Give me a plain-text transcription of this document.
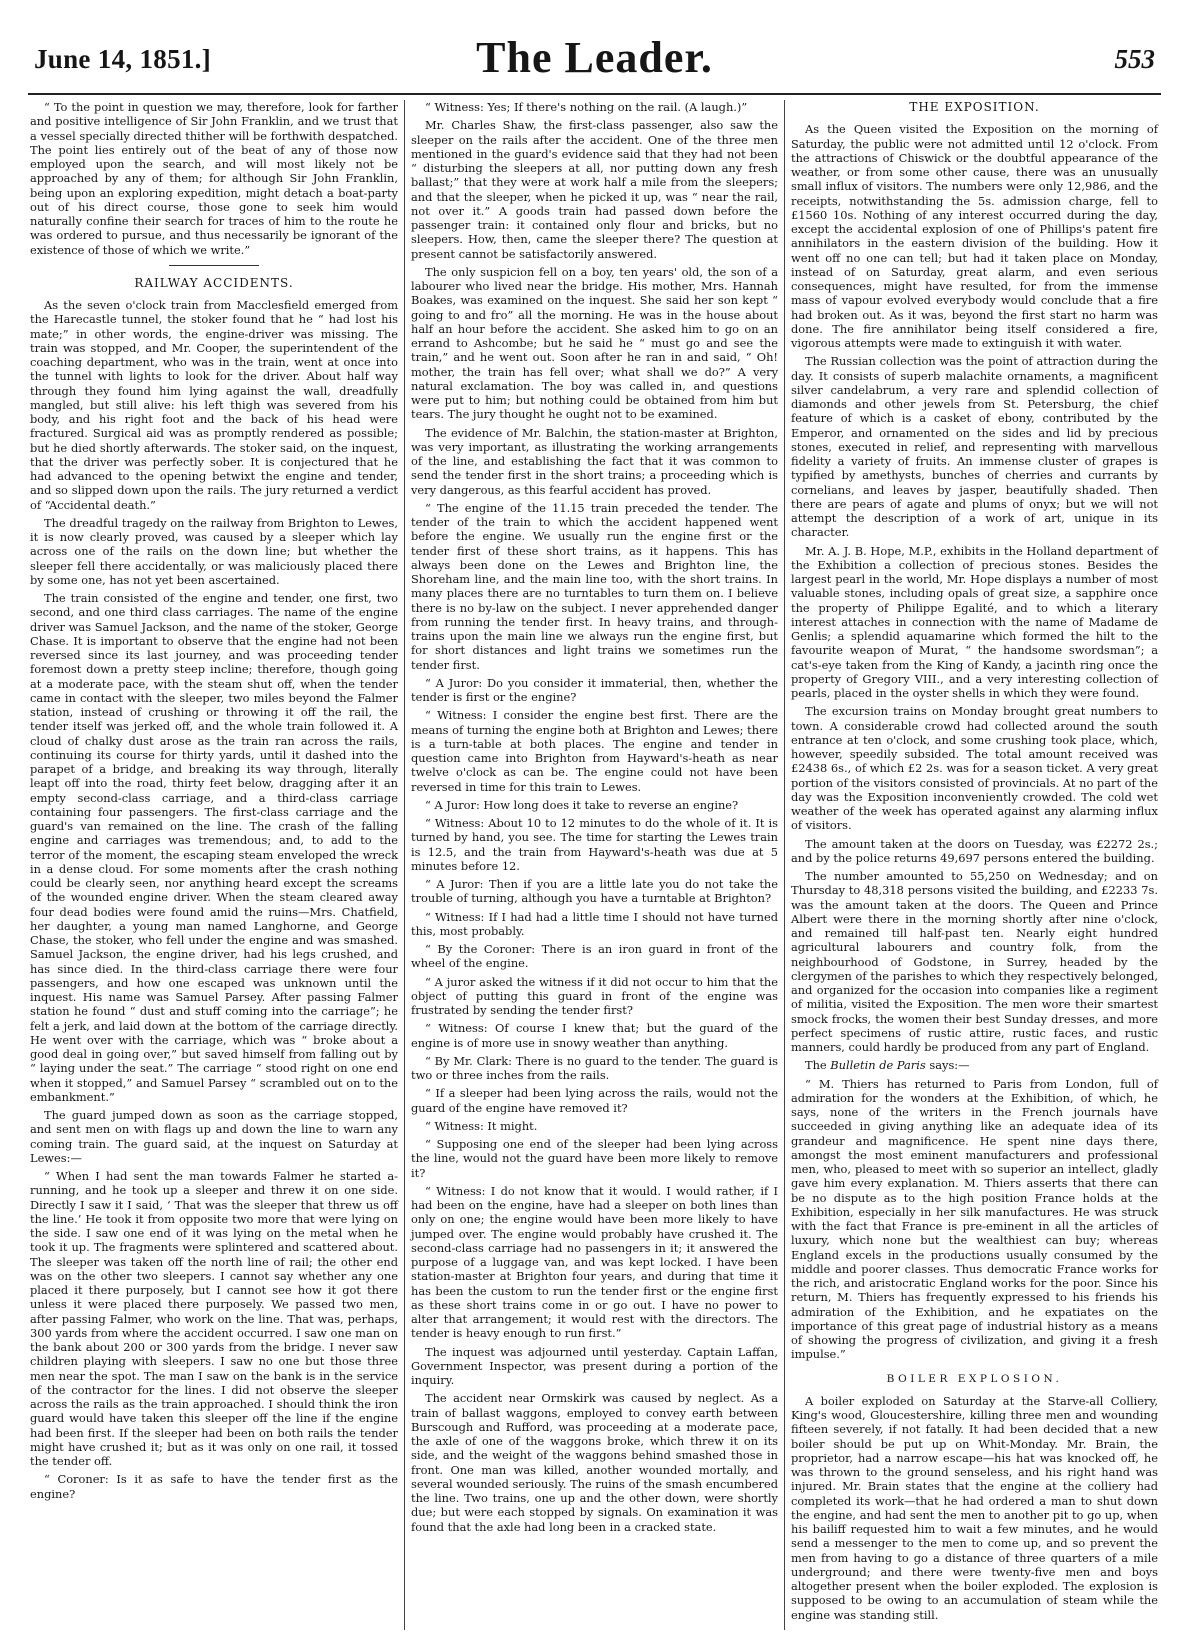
June 14, 1851.]	The Leader.	553

“ To the point in question we may, therefore, look for farther and positive intelligence of Sir John Franklin, and we trust that a vessel specially directed thither will be forthwith despatched. The point lies entirely out of the beat of any of those now employed upon the search, and will most likely not be approached by any of them; for although Sir John Franklin, being upon an exploring expedition, might detach a boat-party out of his direct course, those gone to seek him would naturally confine their search for traces of him to the route he was ordered to pursue, and thus necessarily be ignorant of the existence of those of which we write.”

RAILWAY ACCIDENTS.

As the seven o'clock train from Macclesfield emerged from the Harecastle tunnel, the stoker found that he “ had lost his mate;” in other words, the engine-driver was missing. The train was stopped, and Mr. Cooper, the superintendent of the coaching department, who was in the train, went at once into the tunnel with lights to look for the driver. About half way through they found him lying against the wall, dreadfully mangled, but still alive: his left thigh was severed from his body, and his right foot and the back of his head were fractured. Surgical aid was as promptly rendered as possible; but he died shortly afterwards. The stoker said, on the inquest, that the driver was perfectly sober. It is conjectured that he had advanced to the opening betwixt the engine and tender, and so slipped down upon the rails. The jury returned a verdict of “Accidental death.”

The dreadful tragedy on the railway from Brighton to Lewes, it is now clearly proved, was caused by a sleeper which lay across one of the rails on the down line; but whether the sleeper fell there accidentally, or was maliciously placed there by some one, has not yet been ascertained.

The train consisted of the engine and tender, one first, two second, and one third class carriages. The name of the engine driver was Samuel Jackson, and the name of the stoker, George Chase. It is important to observe that the engine had not been reversed since its last journey, and was proceeding tender foremost down a pretty steep incline; therefore, though going at a moderate pace, with the steam shut off, when the tender came in contact with the sleeper, two miles beyond the Falmer station, instead of crushing or throwing it off the rail, the tender itself was jerked off, and the whole train followed it. A cloud of chalky dust arose as the train ran across the rails, continuing its course for thirty yards, until it dashed into the parapet of a bridge, and breaking its way through, literally leapt off into the road, thirty feet below, dragging after it an empty second-class carriage, and a third-class carriage containing four passengers. The first-class carriage and the guard's van remained on the line. The crash of the falling engine and carriages was tremendous; and, to add to the terror of the moment, the escaping steam enveloped the wreck in a dense cloud. For some moments after the crash nothing could be clearly seen, nor anything heard except the screams of the wounded engine driver. When the steam cleared away four dead bodies were found amid the ruins—Mrs. Chatfield, her daughter, a young man named Langhorne, and George Chase, the stoker, who fell under the engine and was smashed. Samuel Jackson, the engine driver, had his legs crushed, and has since died. In the third-class carriage there were four passengers, and how one escaped was unknown until the inquest. His name was Samuel Parsey. After passing Falmer station he found “ dust and stuff coming into the carriage”; he felt a jerk, and laid down at the bottom of the carriage directly. He went over with the carriage, which was “ broke about a good deal in going over,” but saved himself from falling out by “ laying under the seat.” The carriage “ stood right on one end when it stopped,” and Samuel Parsey “ scrambled out on to the embankment.”

The guard jumped down as soon as the carriage stopped, and sent men on with flags up and down the line to warn any coming train. The guard said, at the inquest on Saturday at Lewes:—

“ When I had sent the man towards Falmer he started a-running, and he took up a sleeper and threw it on one side. Directly I saw it I said, ‘ That was the sleeper that threw us off the line.’ He took it from opposite two more that were lying on the side. I saw one end of it was lying on the metal when he took it up. The fragments were splintered and scattered about. The sleeper was taken off the north line of rail; the other end was on the other two sleepers. I cannot say whether any one placed it there purposely, but I cannot see how it got there unless it were placed there purposely. We passed two men, after passing Falmer, who work on the line. That was, perhaps, 300 yards from where the accident occurred. I saw one man on the bank about 200 or 300 yards from the bridge. I never saw children playing with sleepers. I saw no one but those three men near the spot. The man I saw on the bank is in the service of the contractor for the lines. I did not observe the sleeper across the rails as the train approached. I should think the iron guard would have taken this sleeper off the line if the engine had been first. If the sleeper had been on both rails the tender might have crushed it; but as it was only on one rail, it tossed the tender off.

“ Coroner: Is it as safe to have the tender first as the engine?

“ Witness: Yes; If there's nothing on the rail. (A laugh.)”

Mr. Charles Shaw, the first-class passenger, also saw the sleeper on the rails after the accident. One of the three men mentioned in the guard's evidence said that they had not been “ disturbing the sleepers at all, nor putting down any fresh ballast;” that they were at work half a mile from the sleepers; and that the sleeper, when he picked it up, was “ near the rail, not over it.” A goods train had passed down before the passenger train: it contained only flour and bricks, but no sleepers. How, then, came the sleeper there? The question at present cannot be satisfactorily answered.

The only suspicion fell on a boy, ten years' old, the son of a labourer who lived near the bridge. His mother, Mrs. Hannah Boakes, was examined on the inquest. She said her son kept “ going to and fro” all the morning. He was in the house about half an hour before the accident. She asked him to go on an errand to Ashcombe; but he said he “ must go and see the train,” and he went out. Soon after he ran in and said, “ Oh! mother, the train has fell over; what shall we do?” A very natural exclamation. The boy was called in, and questions were put to him; but nothing could be obtained from him but tears. The jury thought he ought not to be examined.

The evidence of Mr. Balchin, the station-master at Brighton, was very important, as illustrating the working arrangements of the line, and establishing the fact that it was common to send the tender first in the short trains; a proceeding which is very dangerous, as this fearful accident has proved.

“ The engine of the 11.15 train preceded the tender. The tender of the train to which the accident happened went before the engine. We usually run the engine first or the tender first of these short trains, as it happens. This has always been done on the Lewes and Brighton line, the Shoreham line, and the main line too, with the short trains. In many places there are no turntables to turn them on. I believe there is no by-law on the subject. I never apprehended danger from running the tender first. In heavy trains, and through-trains upon the main line we always run the engine first, but for short distances and light trains we sometimes run the tender first.

“ A Juror: Do you consider it immaterial, then, whether the tender is first or the engine?

“ Witness: I consider the engine best first. There are the means of turning the engine both at Brighton and Lewes; there is a turn-table at both places. The engine and tender in question came into Brighton from Hayward's-heath as near twelve o'clock as can be. The engine could not have been reversed in time for this train to Lewes.

“ A Juror: How long does it take to reverse an engine?

“ Witness: About 10 to 12 minutes to do the whole of it. It is turned by hand, you see. The time for starting the Lewes train is 12.5, and the train from Hayward's-heath was due at 5 minutes before 12.

“ A Juror: Then if you are a little late you do not take the trouble of turning, although you have a turntable at Brighton?

“ Witness: If I had had a little time I should not have turned this, most probably.

“ By the Coroner: There is an iron guard in front of the wheel of the engine.

“ A juror asked the witness if it did not occur to him that the object of putting this guard in front of the engine was frustrated by sending the tender first?

“ Witness: Of course I knew that; but the guard of the engine is of more use in snowy weather than anything.

“ By Mr. Clark: There is no guard to the tender. The guard is two or three inches from the rails.

“ If a sleeper had been lying across the rails, would not the guard of the engine have removed it?

“ Witness: It might.

“ Supposing one end of the sleeper had been lying across the line, would not the guard have been more likely to remove it?

“ Witness: I do not know that it would. I would rather, if I had been on the engine, have had a sleeper on both lines than only on one; the engine would have been more likely to have jumped over. The engine would probably have crushed it. The second-class carriage had no passengers in it; it answered the purpose of a luggage van, and was kept locked. I have been station-master at Brighton four years, and during that time it has been the custom to run the tender first or the engine first as these short trains come in or go out. I have no power to alter that arrangement; it would rest with the directors. The tender is heavy enough to run first.”

The inquest was adjourned until yesterday. Captain Laffan, Government Inspector, was present during a portion of the inquiry.

The accident near Ormskirk was caused by neglect. As a train of ballast waggons, employed to convey earth between Burscough and Rufford, was proceeding at a moderate pace, the axle of one of the waggons broke, which threw it on its side, and the weight of the waggons behind smashed those in front. One man was killed, another wounded mortally, and several wounded seriously. The ruins of the smash encumbered the line. Two trains, one up and the other down, were shortly due; but were each stopped by signals. On examination it was found that the axle had long been in a cracked state.

THE EXPOSITION.

As the Queen visited the Exposition on the morning of Saturday, the public were not admitted until 12 o'clock. From the attractions of Chiswick or the doubtful appearance of the weather, or from some other cause, there was an unusually small influx of visitors. The numbers were only 12,986, and the receipts, notwithstanding the 5s. admission charge, fell to £1560 10s. Nothing of any interest occurred during the day, except the accidental explosion of one of Phillips's patent fire annihilators in the eastern division of the building. How it went off no one can tell; but had it taken place on Monday, instead of on Saturday, great alarm, and even serious consequences, might have resulted, for from the immense mass of vapour evolved everybody would conclude that a fire had broken out. As it was, beyond the first start no harm was done. The fire annihilator being itself considered a fire, vigorous attempts were made to extinguish it with water.

The Russian collection was the point of attraction during the day. It consists of superb malachite ornaments, a magnificent silver candelabrum, a very rare and splendid collection of diamonds and other jewels from St. Petersburg, the chief feature of which is a casket of ebony, contributed by the Emperor, and ornamented on the sides and lid by precious stones, executed in relief, and representing with marvellous fidelity a variety of fruits. An immense cluster of grapes is typified by amethysts, bunches of cherries and currants by cornelians, and leaves by jasper, beautifully shaded. Then there are pears of agate and plums of onyx; but we will not attempt the description of a work of art, unique in its character.

Mr. A. J. B. Hope, M.P., exhibits in the Holland department of the Exhibition a collection of precious stones. Besides the largest pearl in the world, Mr. Hope displays a number of most valuable stones, including opals of great size, a sapphire once the property of Philippe Egalité, and to which a literary interest attaches in connection with the name of Madame de Genlis; a splendid aquamarine which formed the hilt to the favourite weapon of Murat, “ the handsome swordsman”; a cat's-eye taken from the King of Kandy, a jacinth ring once the property of Gregory VIII., and a very interesting collection of pearls, placed in the oyster shells in which they were found.

The excursion trains on Monday brought great numbers to town. A considerable crowd had collected around the south entrance at ten o'clock, and some crushing took place, which, however, speedily subsided. The total amount received was £2438 6s., of which £2 2s. was for a season ticket. A very great portion of the visitors consisted of provincials. At no part of the day was the Exposition inconveniently crowded. The cold wet weather of the week has operated against any alarming influx of visitors.

The amount taken at the doors on Tuesday, was £2272 2s.; and by the police returns 49,697 persons entered the building.

The number amounted to 55,250 on Wednesday; and on Thursday to 48,318 persons visited the building, and £2233 7s. was the amount taken at the doors. The Queen and Prince Albert were there in the morning shortly after nine o'clock, and remained till half-past ten. Nearly eight hundred agricultural labourers and country folk, from the neighbourhood of Godstone, in Surrey, headed by the clergymen of the parishes to which they respectively belonged, and organized for the occasion into companies like a regiment of militia, visited the Exposition. The men wore their smartest smock frocks, the women their best Sunday dresses, and more perfect specimens of rustic attire, rustic faces, and rustic manners, could hardly be produced from any part of England.

The Bulletin de Paris says:—

“ M. Thiers has returned to Paris from London, full of admiration for the wonders at the Exhibition, of which, he says, none of the writers in the French journals have succeeded in giving anything like an adequate idea of its grandeur and magnificence. He spent nine days there, amongst the most eminent manufacturers and professional men, who, pleased to meet with so superior an intellect, gladly gave him every explanation. M. Thiers asserts that there can be no dispute as to the high position France holds at the Exhibition, especially in her silk manufactures. He was struck with the fact that France is pre-eminent in all the articles of luxury, which none but the wealthiest can buy; whereas England excels in the productions usually consumed by the middle and poorer classes. Thus democratic France works for the rich, and aristocratic England works for the poor. Since his return, M. Thiers has frequently expressed to his friends his admiration of the Exhibition, and he expatiates on the importance of this great page of industrial history as a means of showing the progress of civilization, and giving it a fresh impulse.”

BOILER EXPLOSION.

A boiler exploded on Saturday at the Starve-all Colliery, King's wood, Gloucestershire, killing three men and wounding fifteen severely, if not fatally. It had been decided that a new boiler should be put up on Whit-Monday. Mr. Brain, the proprietor, had a narrow escape—his hat was knocked off, he was thrown to the ground senseless, and his right hand was injured. Mr. Brain states that the engine at the colliery had completed its work—that he had ordered a man to shut down the engine, and had sent the men to another pit to go up, when his bailiff requested him to wait a few minutes, and he would send a messenger to the men to come up, and so prevent the men from having to go a distance of three quarters of a mile underground; and there were twenty-five men and boys altogether present when the boiler exploded. The explosion is supposed to be owing to an accumulation of steam while the engine was standing still.
